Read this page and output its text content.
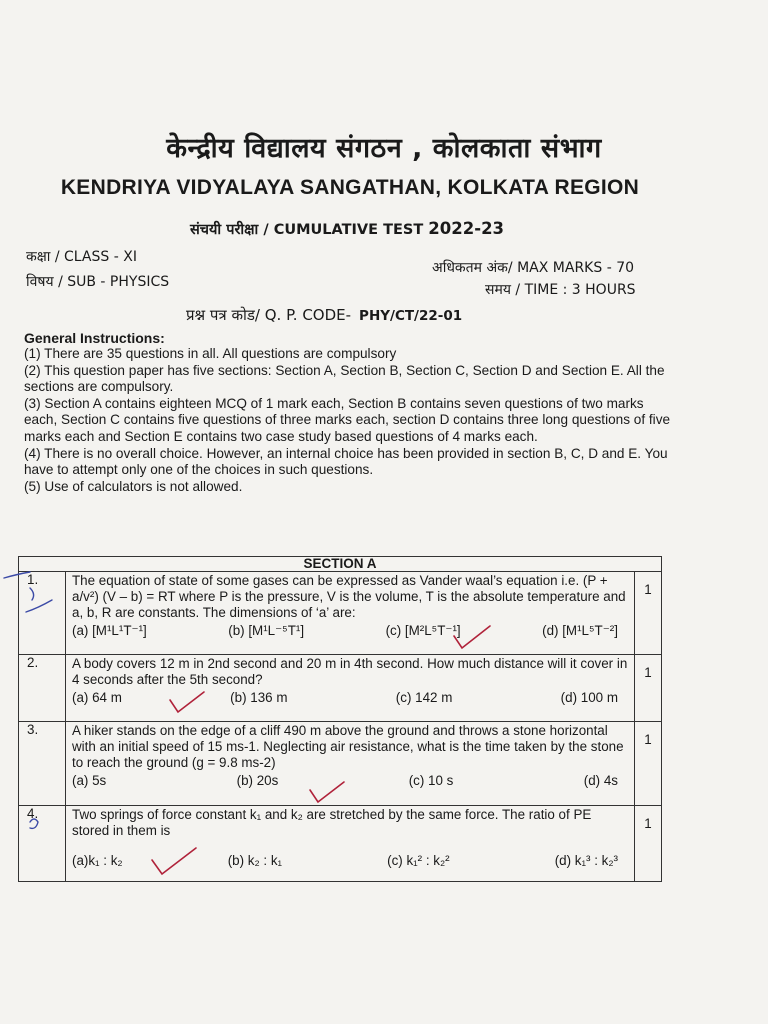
केन्द्रीय विद्यालय संगठन , कोलकाता संभाग
KENDRIYA VIDYALAYA SANGATHAN, KOLKATA REGION
संचयी परीक्षा / CUMULATIVE TEST 2022-23
कक्षा / CLASS - XI
विषय / SUB - PHYSICS
अधिकतम अंक/ MAX MARKS - 70
समय / TIME : 3 HOURS
प्रश्न पत्र कोड/ Q. P. CODE- PHY/CT/22-01
General Instructions:

(1) There are 35 questions in all. All questions are compulsory

(2) This question paper has five sections: Section A, Section B, Section C, Section D and Section E. All the sections are compulsory.

(3) Section A contains eighteen MCQ of 1 mark each, Section B contains seven questions of two marks each, Section C contains five questions of three marks each, section D contains three long questions of five marks each and Section E contains two case study based questions of 4 marks each.

(4) There is no overall choice. However, an internal choice has been provided in section B, C, D and E. You have to attempt only one of the choices in such questions.

(5) Use of calculators is not allowed.

SECTION A		
1.	The equation of state of some gases can be expressed as Vander waal’s equation i.e. (P + a/v²) (V – b) = RT where P is the pressure, V is the volume, T is the absolute temperature and a, b, R are constants. The dimensions of ‘a’ are:
(a) [M¹L¹T⁻¹] (b) [M¹L⁻⁵T¹] (c) [M²L⁵T⁻¹] (d) [M¹L⁵T⁻²]	1
2.	A body covers 12 m in 2nd second and 20 m in 4th second. How much distance will it cover in 4 seconds after the 5th second?
(a) 64 m (b) 136 m (c) 142 m (d) 100 m	1
3.	A hiker stands on the edge of a cliff 490 m above the ground and throws a stone horizontal with an initial speed of 15 ms-1. Neglecting air resistance, what is the time taken by the stone to reach the ground (g = 9.8 ms-2)
(a) 5s (b) 20s (c) 10 s (d) 4s	1
4.	Two springs of force constant k₁ and k₂ are stretched by the same force. The ratio of PE stored in them is
(a)k₁ : k₂ (b) k₂ : k₁ (c) k₁² : k₂² (d) k₁³ : k₂³	1
